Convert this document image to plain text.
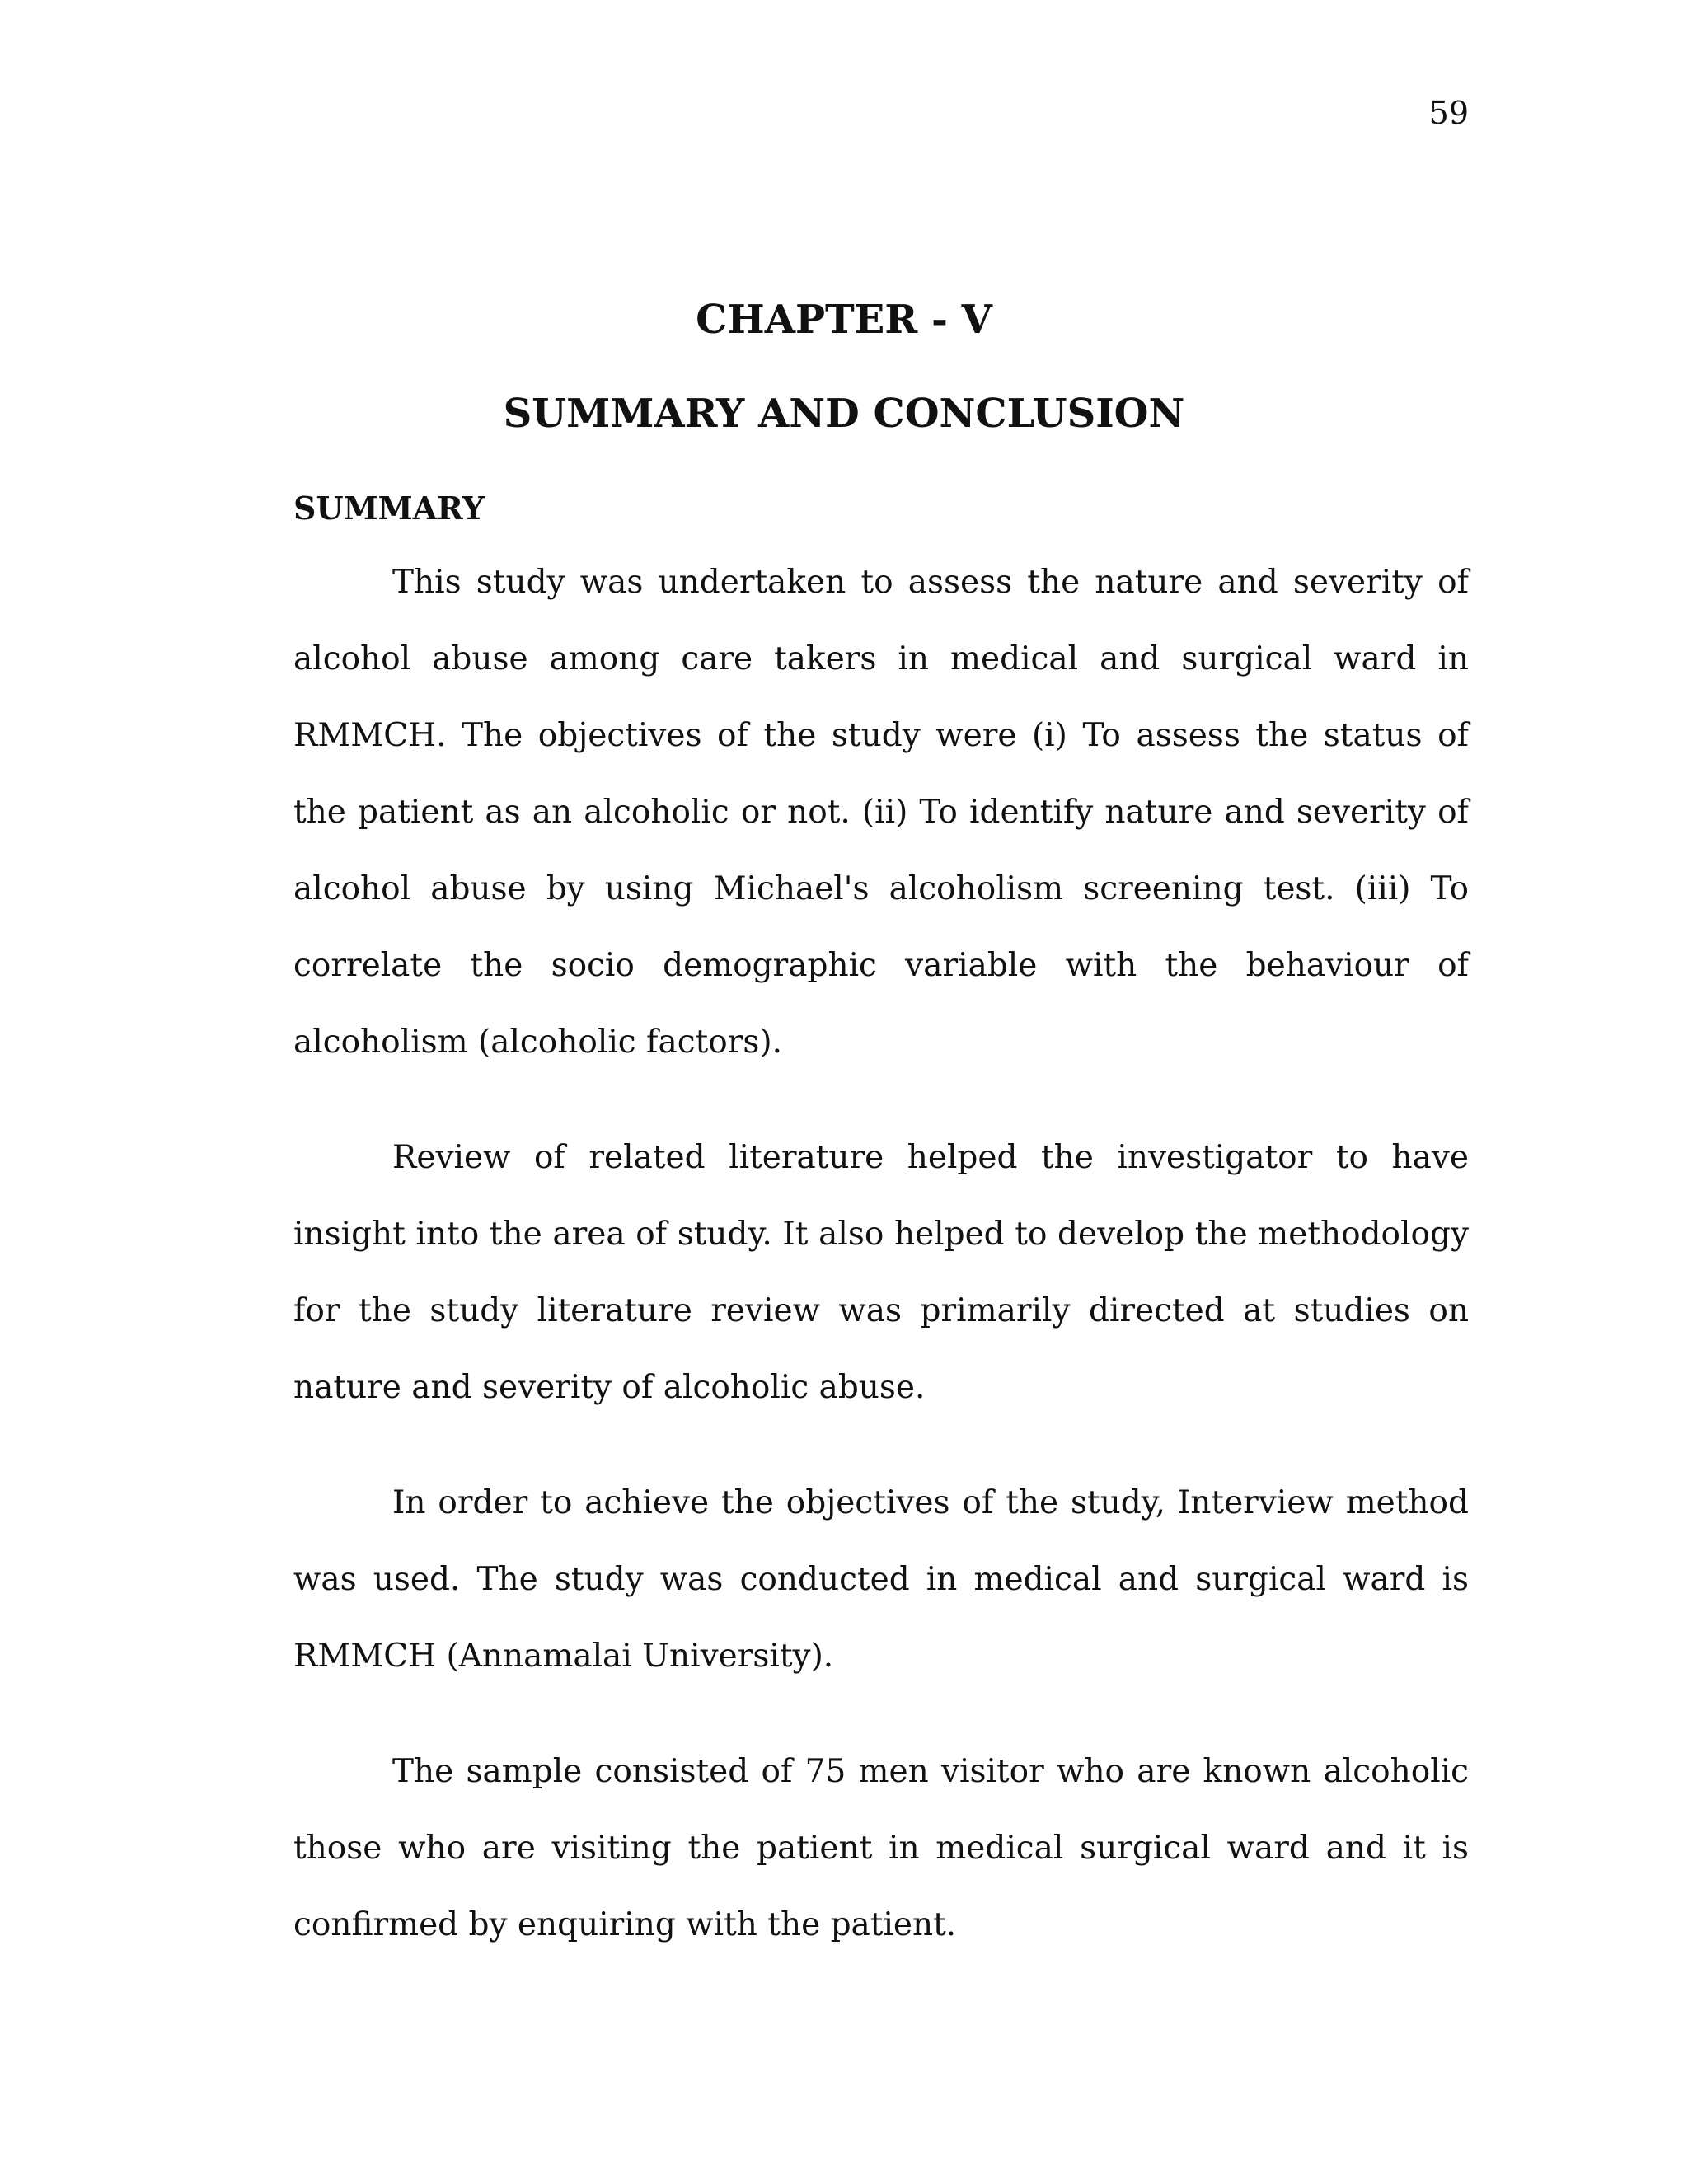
59
CHAPTER - V
SUMMARY AND CONCLUSION
SUMMARY

This study was undertaken to assess the nature and severity of alcohol abuse among care takers in medical and surgical ward in RMMCH. The objectives of the study were (i) To assess the status of the patient as an alcoholic or not. (ii) To identify nature and severity of alcohol abuse by using Michael's alcoholism screening test. (iii) To correlate the socio demographic variable with the behaviour of alcoholism (alcoholic factors).

Review of related literature helped the investigator to have insight into the area of study. It also helped to develop the methodology for the study literature review was primarily directed at studies on nature and severity of alcoholic abuse.

In order to achieve the objectives of the study, Interview method was used. The study was conducted in medical and surgical ward is RMMCH (Annamalai University).

The sample consisted of 75 men visitor who are known alcoholic those who are visiting the patient in medical surgical ward and it is confirmed by enquiring with the patient.
